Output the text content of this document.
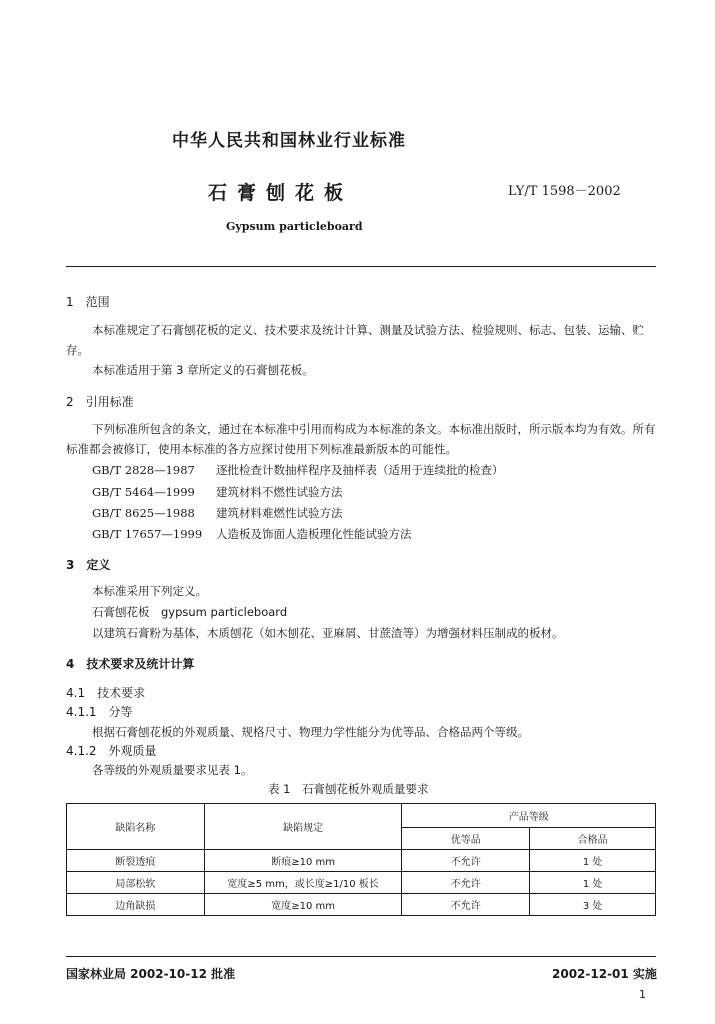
中华人民共和国林业行业标准
石膏刨花板	LY/T 1598－2002
Gypsum particleboard
1　范围
本标准规定了石膏刨花板的定义、技术要求及统计计算、测量及试验方法、检验规则、标志、包装、运输、贮存。
本标准适用于第 3 章所定义的石膏刨花板。
2　引用标准
下列标准所包含的条文，通过在本标准中引用而构成为本标准的条文。本标准出版时，所示版本均为有效。所有标准都会被修订，使用本标准的各方应探讨使用下列标准最新版本的可能性。
GB/T 2828—1987 逐批检查计数抽样程序及抽样表（适用于连续批的检查）
GB/T 5464—1999 建筑材料不燃性试验方法
GB/T 8625—1988 建筑材料难燃性试验方法
GB/T 17657—1999 人造板及饰面人造板理化性能试验方法
3　定义
本标准采用下列定义。
石膏刨花板　gypsum particleboard
以建筑石膏粉为基体，木质刨花（如木刨花、亚麻屑、甘蔗渣等）为增强材料压制成的板材。
4　技术要求及统计计算
4.1　技术要求
4.1.1　分等
根据石膏刨花板的外观质量、规格尺寸、物理力学性能分为优等品、合格品两个等级。
4.1.2　外观质量
各等级的外观质量要求见表 1。
表 1　石膏刨花板外观质量要求
缺陷名称	缺陷规定	产品等级	
		优等品	合格品
断裂透痕	断痕≥10 mm	不允许	1 处
局部松软	宽度≥5 mm，或长度≥1/10 板长	不允许	1 处
边角缺损	宽度≥10 mm	不允许	3 处
国家林业局 2002-10-12 批准	2002-12-01 实施
1
